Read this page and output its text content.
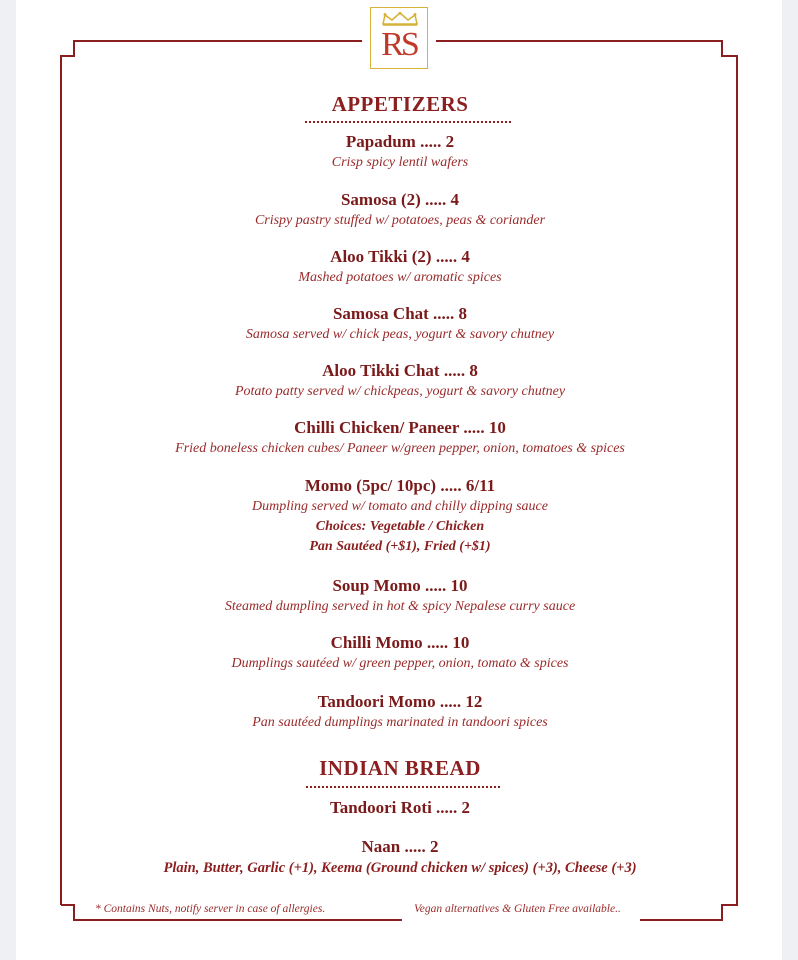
RS
APPETIZERS
Papadum ..... 2
Crisp spicy lentil wafers
Samosa (2) ..... 4
Crispy pastry stuffed w/ potatoes, peas & coriander
Aloo Tikki (2) ..... 4
Mashed potatoes w/ aromatic spices
Samosa Chat ..... 8
Samosa served w/ chick peas, yogurt & savory chutney
Aloo Tikki Chat ..... 8
Potato patty served w/ chickpeas, yogurt & savory chutney
Chilli Chicken/ Paneer ..... 10
Fried boneless chicken cubes/ Paneer w/green pepper, onion, tomatoes & spices
Momo (5pc/ 10pc) ..... 6/11
Dumpling served w/ tomato and chilly dipping sauce
Choices: Vegetable / Chicken
Pan Sautéed (+$1), Fried (+$1)
Soup Momo ..... 10
Steamed dumpling served in hot & spicy Nepalese curry sauce
Chilli Momo ..... 10
Dumplings sautéed w/ green pepper, onion, tomato & spices
Tandoori Momo ..... 12
Pan sautéed dumplings marinated in tandoori spices
INDIAN BREAD
Tandoori Roti ..... 2
Naan ..... 2
Plain, Butter, Garlic (+1), Keema (Ground chicken w/ spices) (+3), Cheese (+3)
* Contains Nuts, notify server in case of allergies.	Vegan alternatives & Gluten Free available..
